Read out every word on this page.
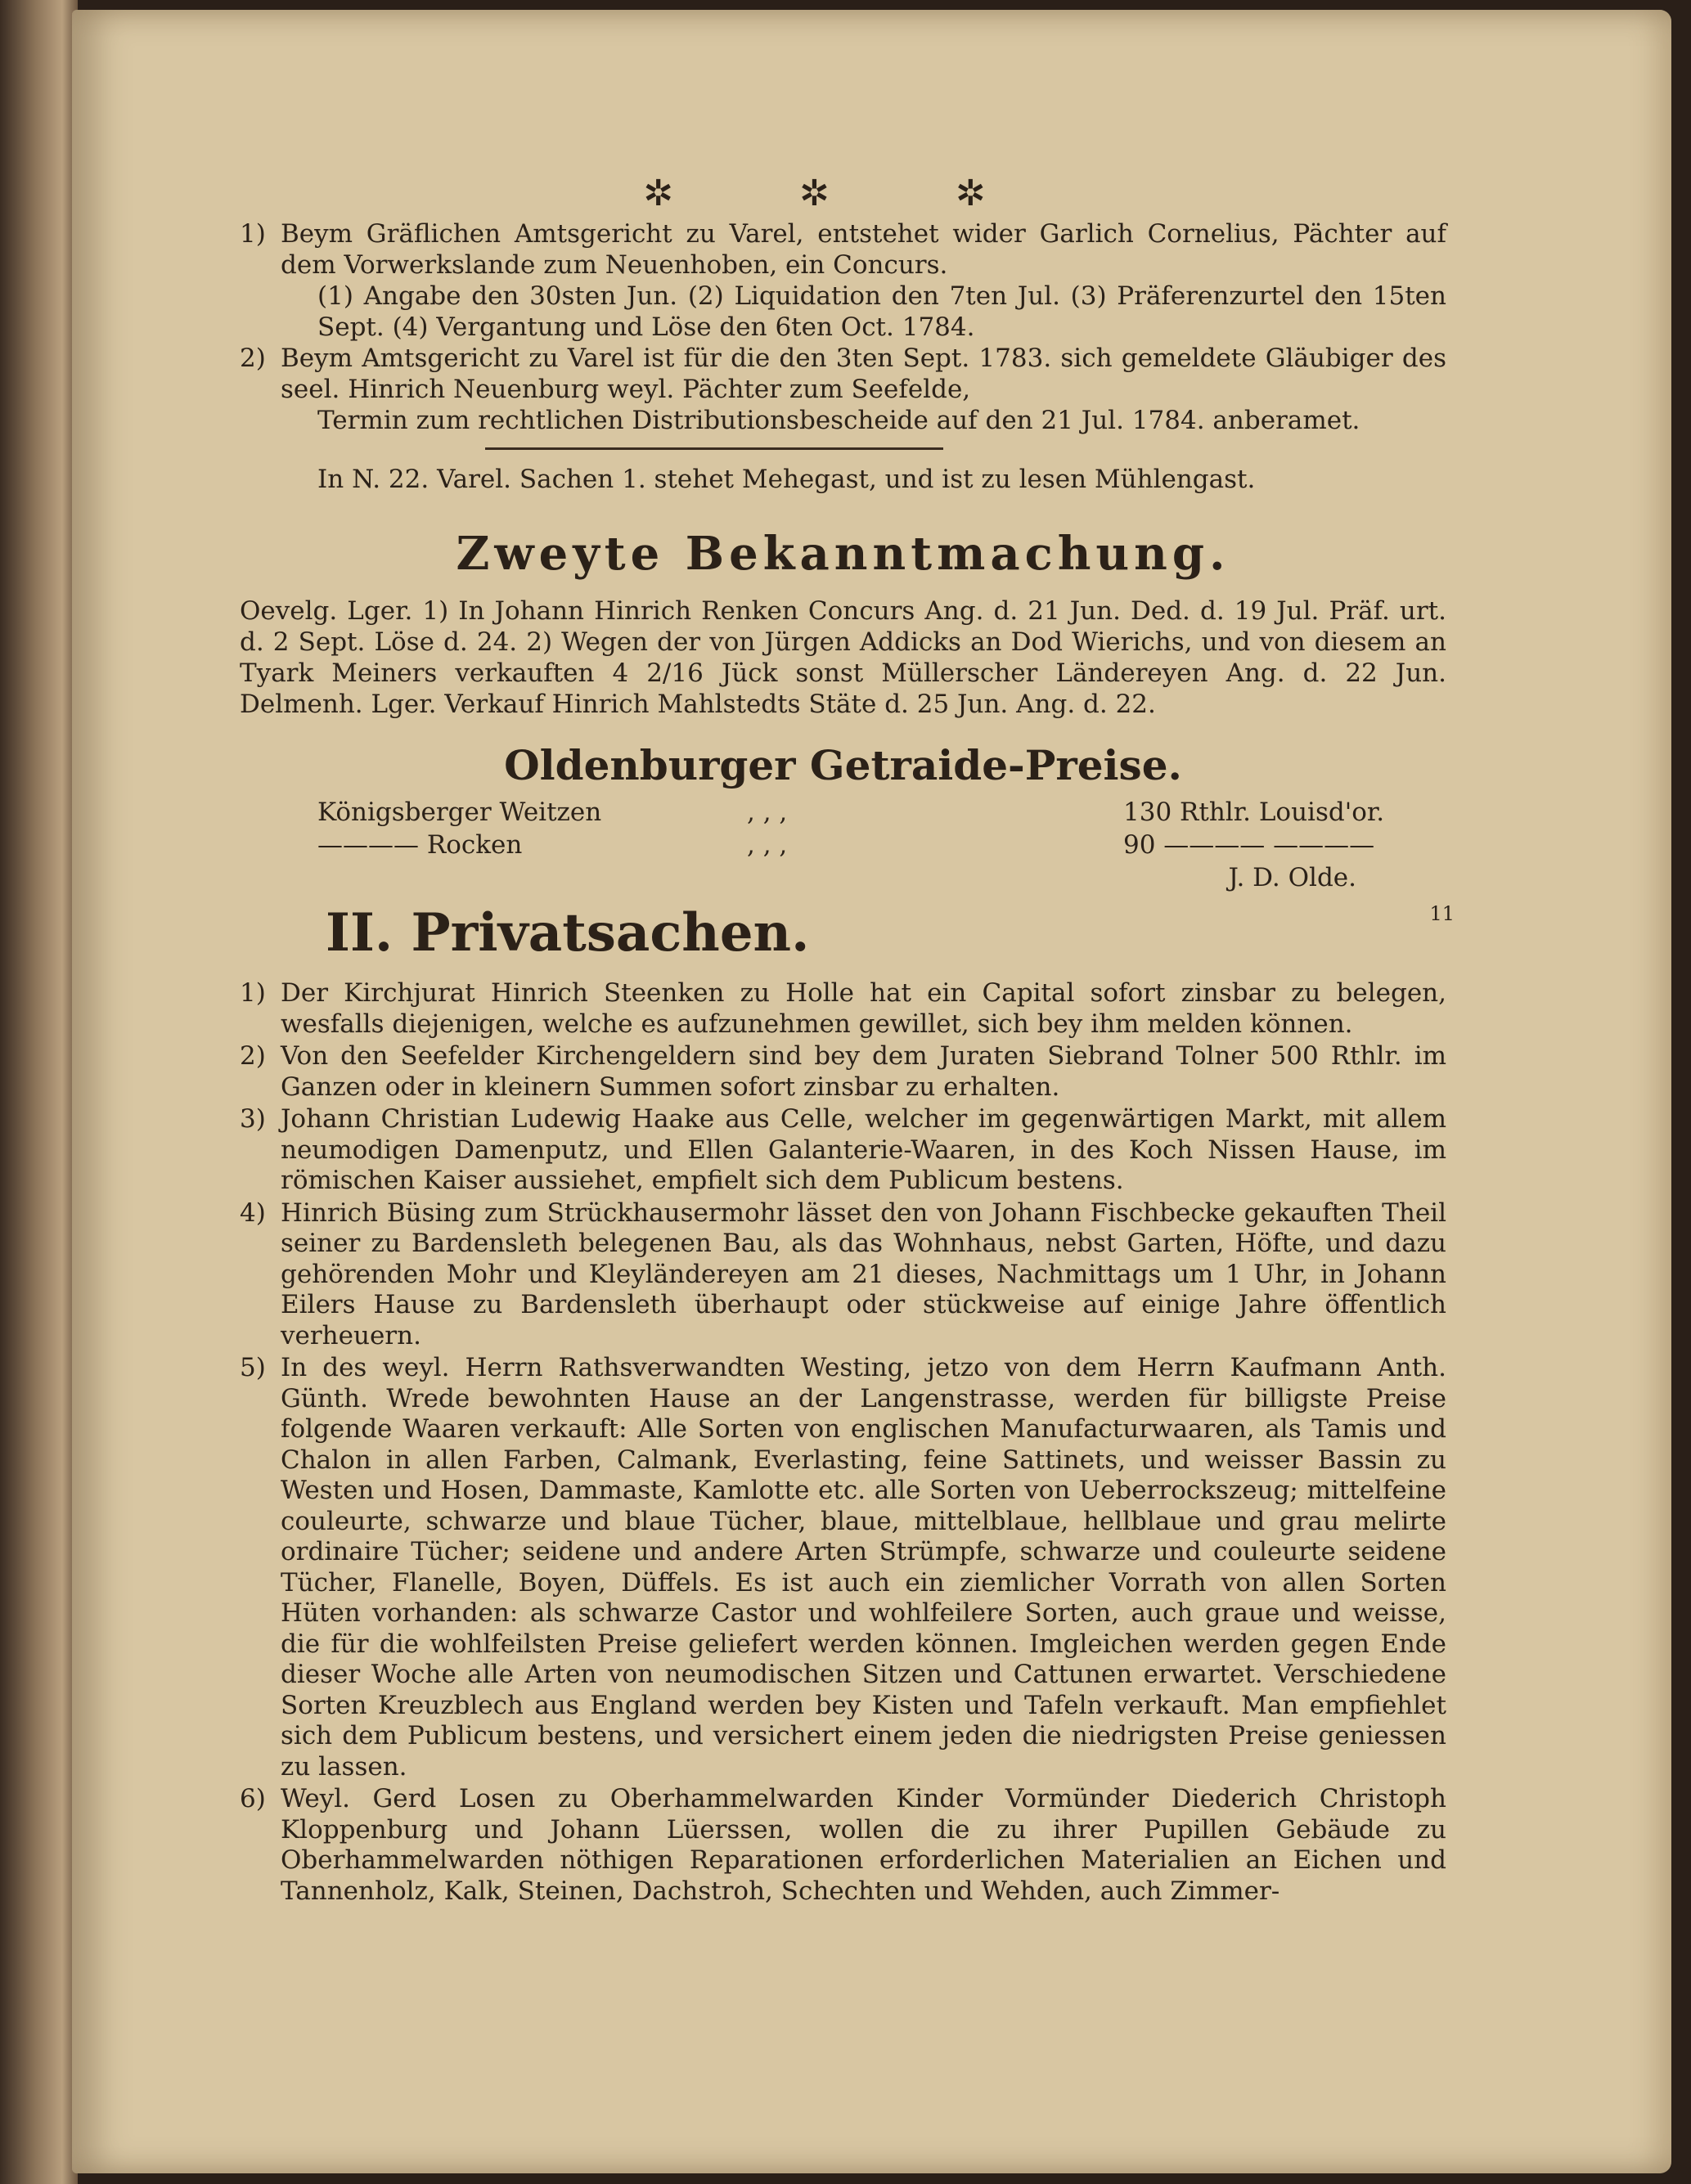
✲ ✲ ✲
1) Beym Gräflichen Amtsgericht zu Varel, entstehet wider Garlich Cornelius, Pächter auf dem Vorwerkslande zum Neuenhoben, ein Concurs.
(1) Angabe den 30sten Jun. (2) Liquidation den 7ten Jul. (3) Präferenzurtel den 15ten Sept. (4) Vergantung und Löse den 6ten Oct. 1784.
2) Beym Amtsgericht zu Varel ist für die den 3ten Sept. 1783. sich gemeldete Gläubiger des seel. Hinrich Neuenburg weyl. Pächter zum Seefelde,
Termin zum rechtlichen Distributionsbescheide auf den 21 Jul. 1784. anberamet.
In N. 22. Varel. Sachen 1. stehet Mehegast, und ist zu lesen Mühlengast.
Zweyte Bekanntmachung.
Oevelg. Lger. 1) In Johann Hinrich Renken Concurs Ang. d. 21 Jun. Ded. d. 19 Jul. Präf. urt. d. 2 Sept. Löse d. 24. 2) Wegen der von Jürgen Addicks an Dod Wierichs, und von diesem an Tyark Meiners verkauften 4 2/16 Jück sonst Müllerscher Ländereyen Ang. d. 22 Jun. Delmenh. Lger. Verkauf Hinrich Mahlstedts Stäte d. 25 Jun. Ang. d. 22.
Oldenburger Getraide-Preise.
Königsberger Weitzen	, , ,	130 Rthlr. Louisd'or.
———— Rocken	, , ,	90 ———— ————
J. D. Olde.
II. Privatsachen.	11
1) Der Kirchjurat Hinrich Steenken zu Holle hat ein Capital sofort zinsbar zu belegen, wesfalls diejenigen, welche es aufzunehmen gewillet, sich bey ihm melden können.
2) Von den Seefelder Kirchengeldern sind bey dem Juraten Siebrand Tolner 500 Rthlr. im Ganzen oder in kleinern Summen sofort zinsbar zu erhalten.
3) Johann Christian Ludewig Haake aus Celle, welcher im gegenwärtigen Markt, mit allem neumodigen Damenputz, und Ellen Galanterie-Waaren, in des Koch Nissen Hause, im römischen Kaiser aussiehet, empfielt sich dem Publicum bestens.
4) Hinrich Büsing zum Strückhausermohr lässet den von Johann Fischbecke gekauften Theil seiner zu Bardensleth belegenen Bau, als das Wohnhaus, nebst Garten, Höfte, und dazu gehörenden Mohr und Kleyländereyen am 21 dieses, Nachmittags um 1 Uhr, in Johann Eilers Hause zu Bardensleth überhaupt oder stückweise auf einige Jahre öffentlich verheuern.
5) In des weyl. Herrn Rathsverwandten Westing, jetzo von dem Herrn Kaufmann Anth. Günth. Wrede bewohnten Hause an der Langenstrasse, werden für billigste Preise folgende Waaren verkauft: Alle Sorten von englischen Manufacturwaaren, als Tamis und Chalon in allen Farben, Calmank, Everlasting, feine Sattinets, und weisser Bassin zu Westen und Hosen, Dammaste, Kamlotte etc. alle Sorten von Ueberrockszeug; mittelfeine couleurte, schwarze und blaue Tücher, blaue, mittelblaue, hellblaue und grau melirte ordinaire Tücher; seidene und andere Arten Strümpfe, schwarze und couleurte seidene Tücher, Flanelle, Boyen, Düffels. Es ist auch ein ziemlicher Vorrath von allen Sorten Hüten vorhanden: als schwarze Castor und wohlfeilere Sorten, auch graue und weisse, die für die wohlfeilsten Preise geliefert werden können. Imgleichen werden gegen Ende dieser Woche alle Arten von neumodischen Sitzen und Cattunen erwartet. Verschiedene Sorten Kreuzblech aus England werden bey Kisten und Tafeln verkauft. Man empfiehlet sich dem Publicum bestens, und versichert einem jeden die niedrigsten Preise geniessen zu lassen.
6) Weyl. Gerd Losen zu Oberhammelwarden Kinder Vormünder Diederich Christoph Kloppenburg und Johann Lüerssen, wollen die zu ihrer Pupillen Gebäude zu Oberhammelwarden nöthigen Reparationen erforderlichen Materialien an Eichen und Tannenholz, Kalk, Steinen, Dachstroh, Schechten und Wehden, auch Zimmer-
